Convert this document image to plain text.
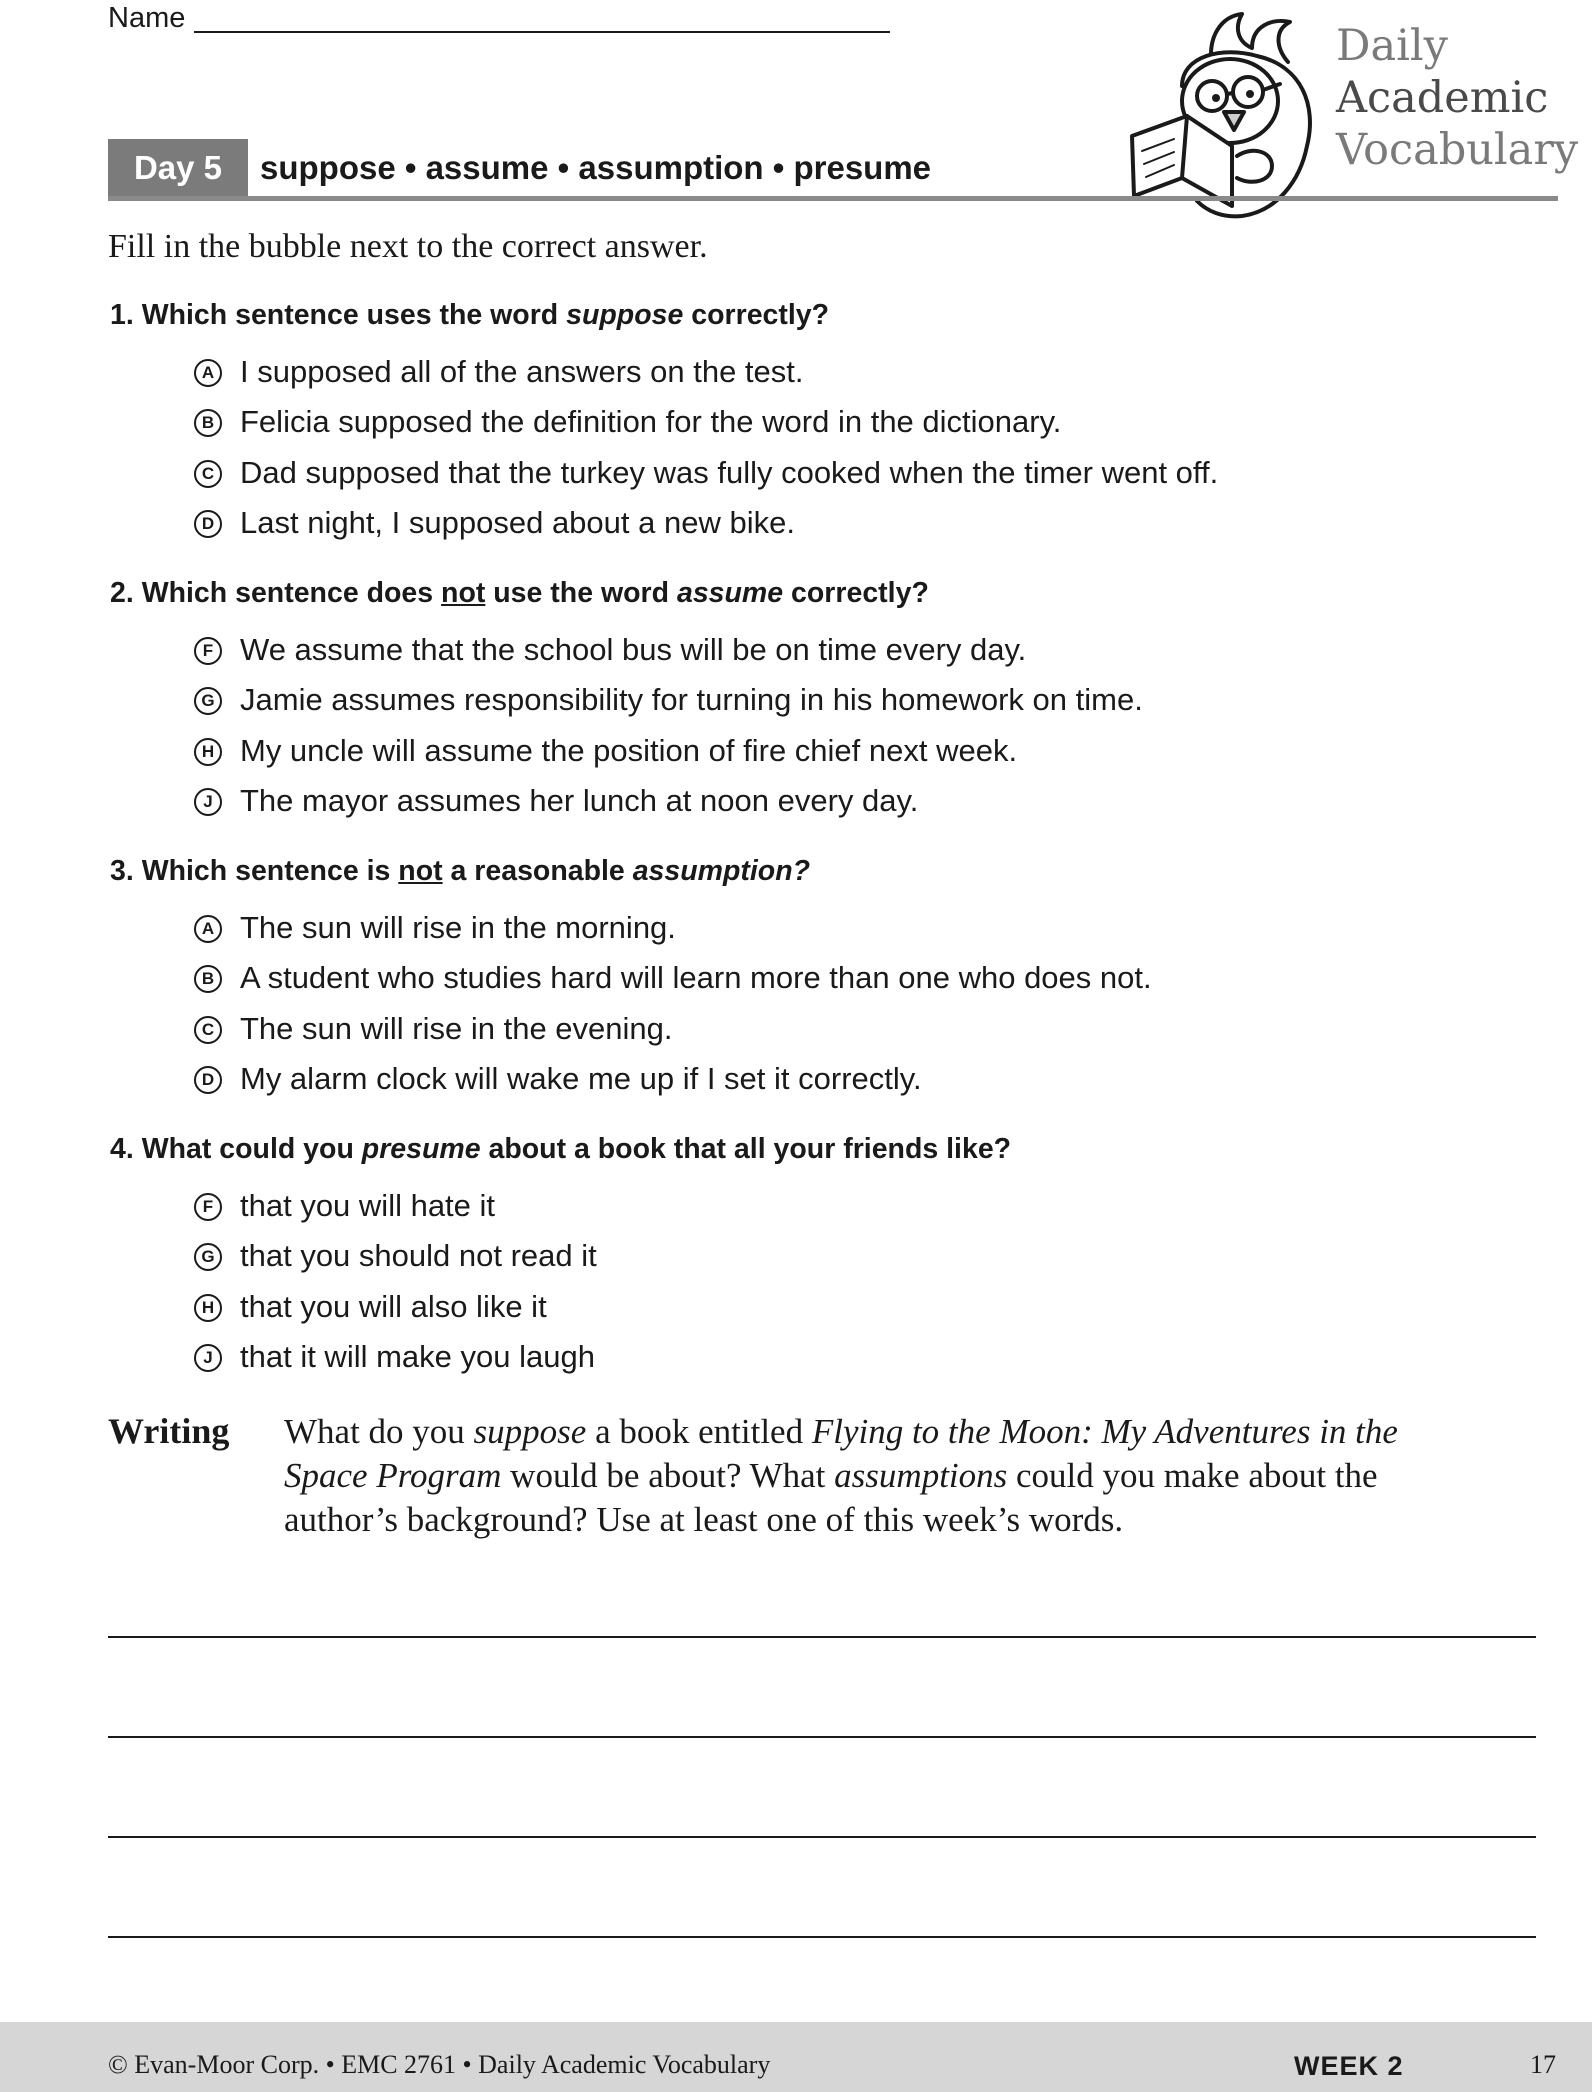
Name
Daily
Academic
Vocabulary
Day 5	suppose • assume • assumption • presume
Fill in the bubble next to the correct answer.
1. Which sentence uses the word suppose correctly?
A I supposed all of the answers on the test.
B Felicia supposed the definition for the word in the dictionary.
C Dad supposed that the turkey was fully cooked when the timer went off.
D Last night, I supposed about a new bike.
2. Which sentence does not use the word assume correctly?
F We assume that the school bus will be on time every day.
G Jamie assumes responsibility for turning in his homework on time.
H My uncle will assume the position of fire chief next week.
J The mayor assumes her lunch at noon every day.
3. Which sentence is not a reasonable assumption?
A The sun will rise in the morning.
B A student who studies hard will learn more than one who does not.
C The sun will rise in the evening.
D My alarm clock will wake me up if I set it correctly.
4. What could you presume about a book that all your friends like?
F that you will hate it
G that you should not read it
H that you will also like it
J that it will make you laugh
Writing What do you suppose a book entitled Flying to the Moon: My Adventures in the Space Program would be about? What assumptions could you make about the author’s background? Use at least one of this week’s words.
© Evan-Moor Corp. • EMC 2761 • Daily Academic Vocabulary	WEEK 2	17
